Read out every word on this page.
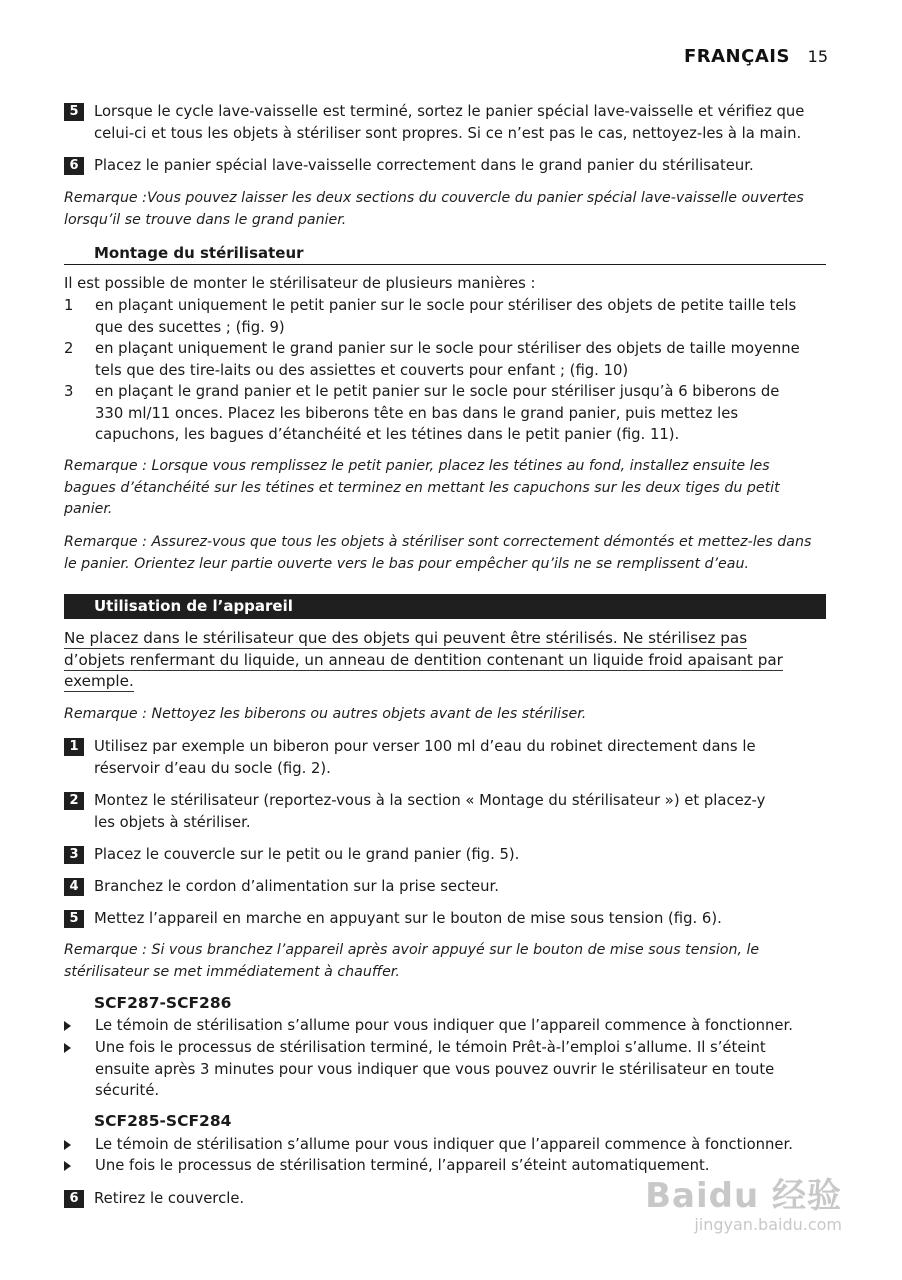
FRANÇAIS 15
5	Lorsque le cycle lave-vaisselle est terminé, sortez le panier spécial lave-vaisselle et vérifiez que
celui-ci et tous les objets à stériliser sont propres. Si ce n’est pas le cas, nettoyez-les à la main.
6	Placez le panier spécial lave-vaisselle correctement dans le grand panier du stérilisateur.
Remarque :Vous pouvez laisser les deux sections du couvercle du panier spécial lave-vaisselle ouvertes
lorsqu’il se trouve dans le grand panier.
Montage du stérilisateur
Il est possible de monter le stérilisateur de plusieurs manières :
1	en plaçant uniquement le petit panier sur le socle pour stériliser des objets de petite taille tels
que des sucettes ; (fig. 9)
2	en plaçant uniquement le grand panier sur le socle pour stériliser des objets de taille moyenne
tels que des tire-laits ou des assiettes et couverts pour enfant ; (fig. 10)
3	en plaçant le grand panier et le petit panier sur le socle pour stériliser jusqu’à 6 biberons de
330 ml/11 onces. Placez les biberons tête en bas dans le grand panier, puis mettez les
capuchons, les bagues d’étanchéité et les tétines dans le petit panier (fig. 11).
Remarque : Lorsque vous remplissez le petit panier, placez les tétines au fond, installez ensuite les
bagues d’étanchéité sur les tétines et terminez en mettant les capuchons sur les deux tiges du petit
panier.
Remarque : Assurez-vous que tous les objets à stériliser sont correctement démontés et mettez-les dans
le panier. Orientez leur partie ouverte vers le bas pour empêcher qu’ils ne se remplissent d’eau.
Utilisation de l’appareil
Ne placez dans le stérilisateur que des objets qui peuvent être stérilisés. Ne stérilisez pas
d’objets renfermant du liquide, un anneau de dentition contenant un liquide froid apaisant par
exemple.
Remarque : Nettoyez les biberons ou autres objets avant de les stériliser.
1	Utilisez par exemple un biberon pour verser 100 ml d’eau du robinet directement dans le
réservoir d’eau du socle (fig. 2).
2	Montez le stérilisateur (reportez-vous à la section « Montage du stérilisateur ») et placez-y
les objets à stériliser.
3	Placez le couvercle sur le petit ou le grand panier (fig. 5).
4	Branchez le cordon d’alimentation sur la prise secteur.
5	Mettez l’appareil en marche en appuyant sur le bouton de mise sous tension (fig. 6).
Remarque : Si vous branchez l’appareil après avoir appuyé sur le bouton de mise sous tension, le
stérilisateur se met immédiatement à chauffer.
SCF287-SCF286
Le témoin de stérilisation s’allume pour vous indiquer que l’appareil commence à fonctionner.
Une fois le processus de stérilisation terminé, le témoin Prêt-à-l’emploi s’allume. Il s’éteint
ensuite après 3 minutes pour vous indiquer que vous pouvez ouvrir le stérilisateur en toute
sécurité.
SCF285-SCF284
Le témoin de stérilisation s’allume pour vous indiquer que l’appareil commence à fonctionner.
Une fois le processus de stérilisation terminé, l’appareil s’éteint automatiquement.
6	Retirez le couvercle.	Baidu 经验
jingyan.baidu.com
